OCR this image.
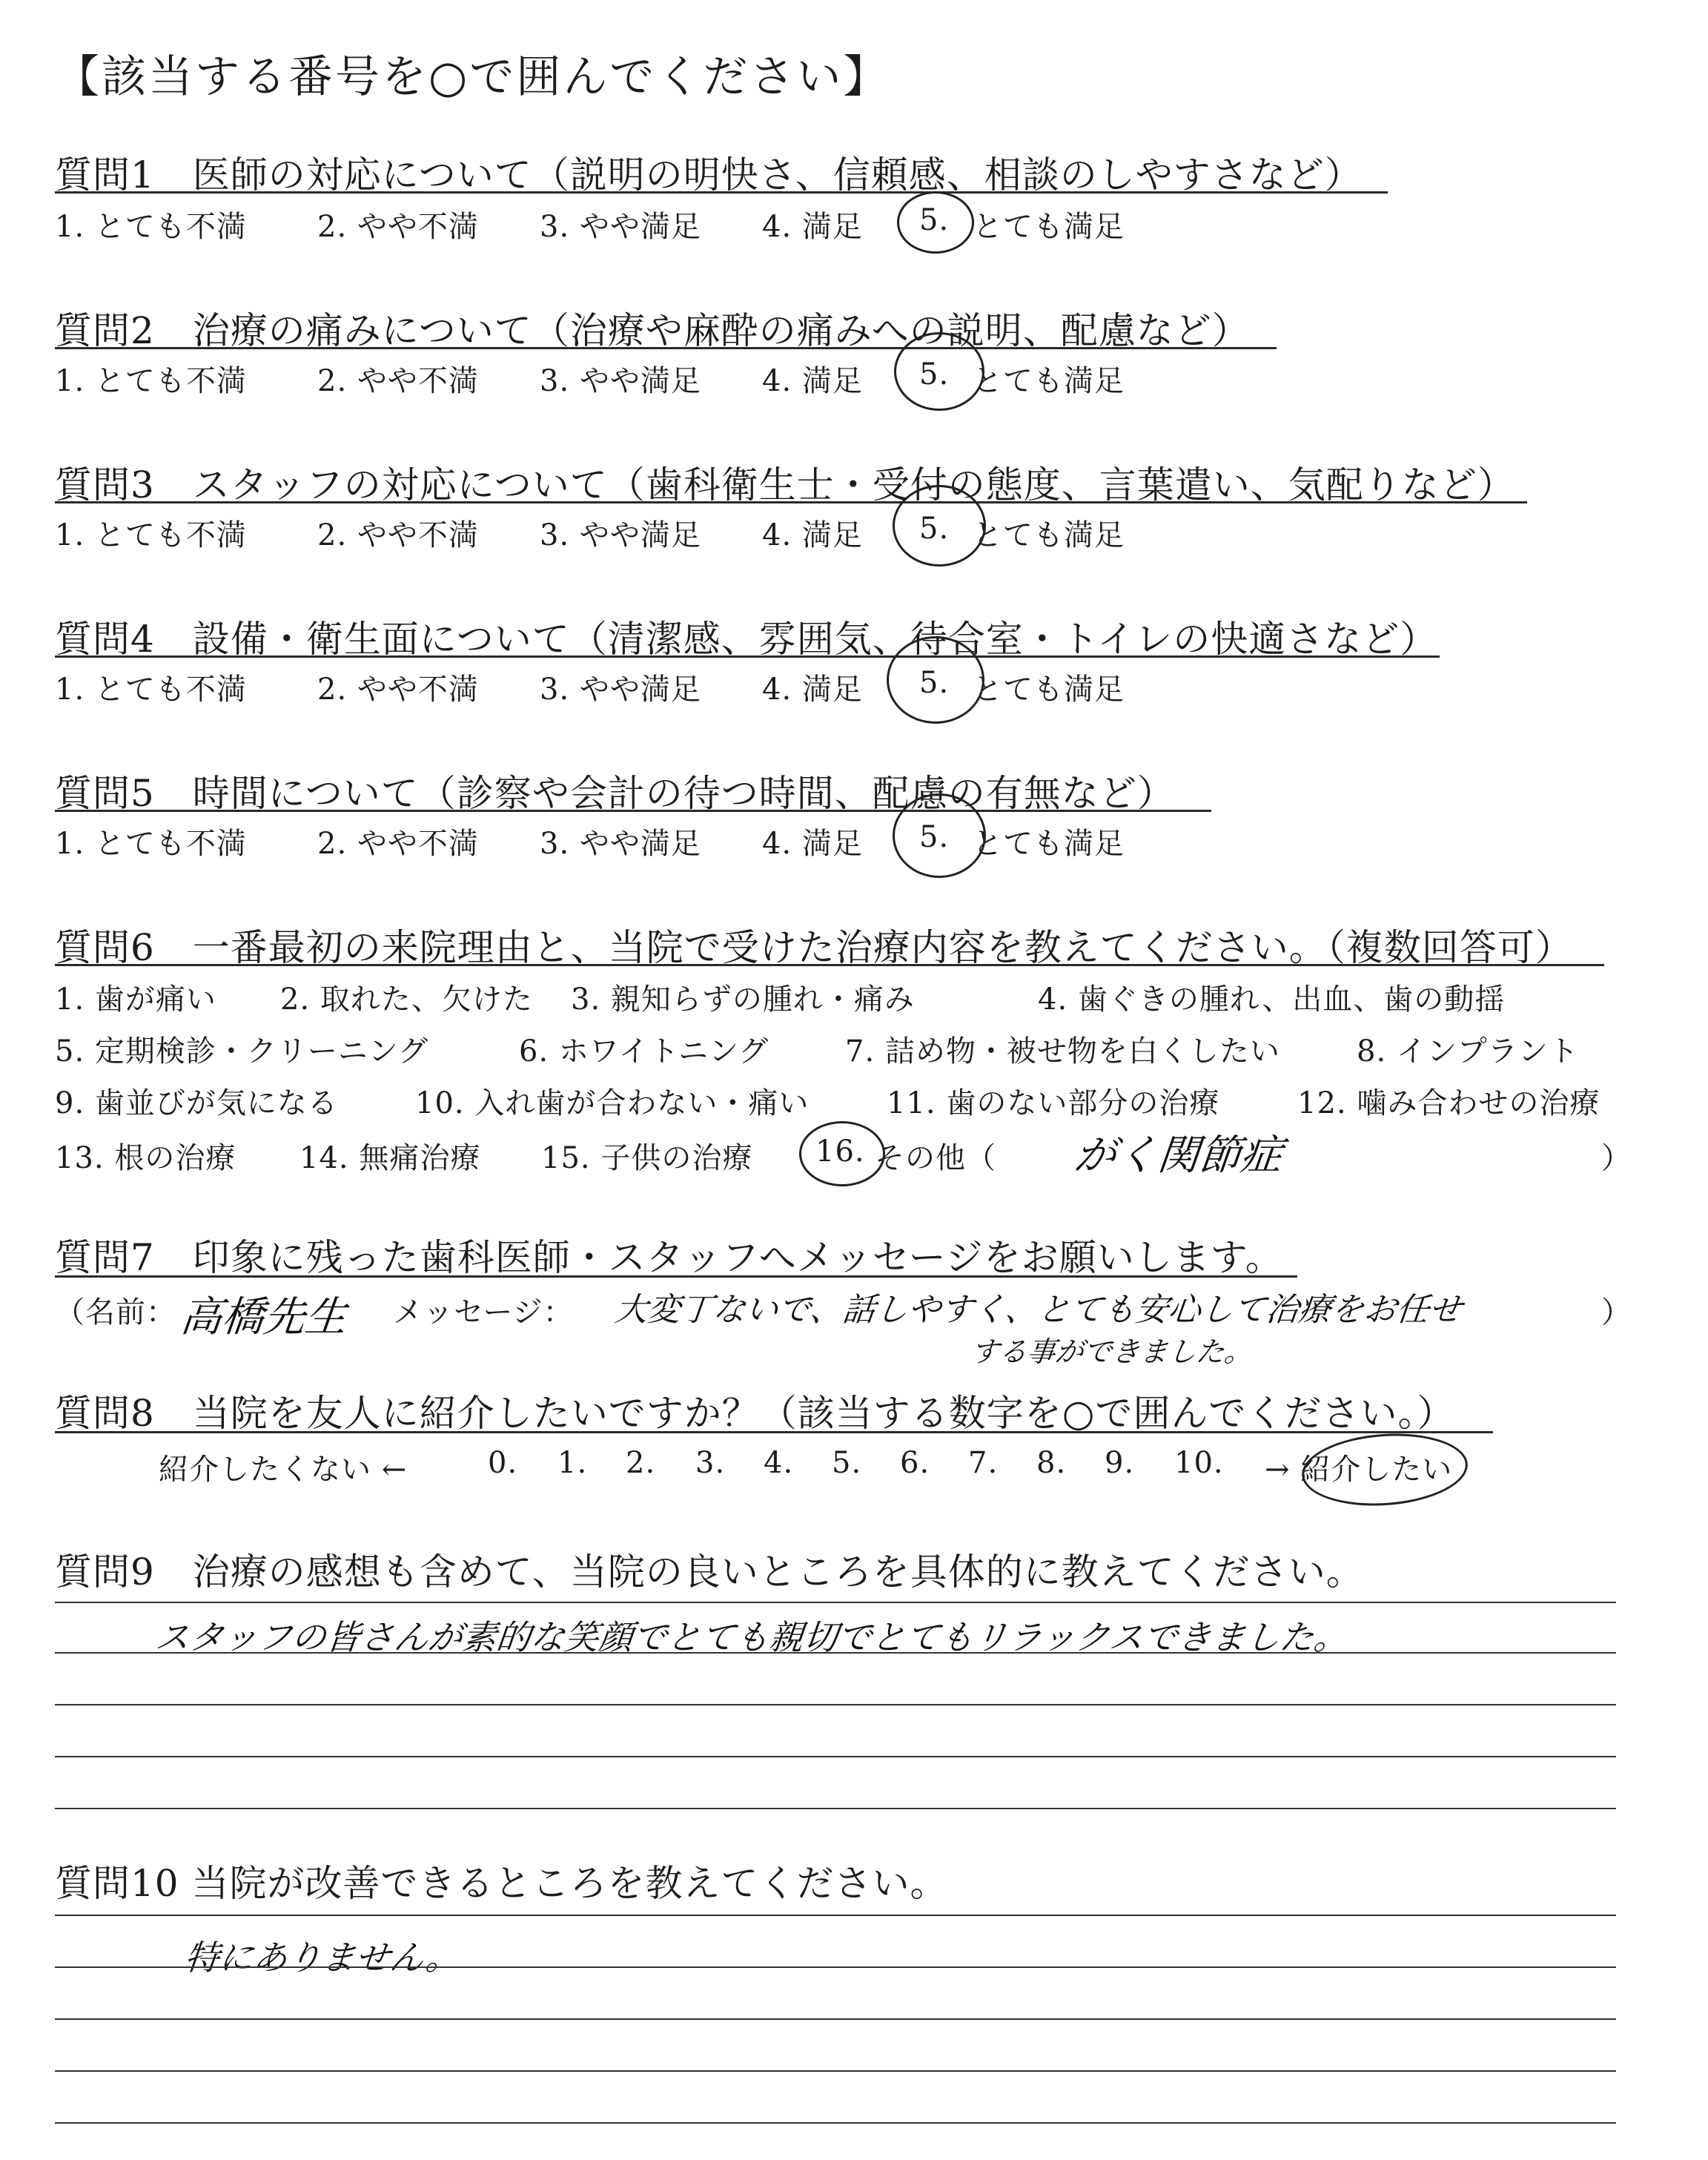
【該当する番号を○で囲んでください】
質問1　医師の対応について（説明の明快さ、信頼感、相談のしやすさなど）
1. とても不満 2. やや不満 3. やや満足 4. 満足 5. とても満足
質問2　治療の痛みについて（治療や麻酔の痛みへの説明、配慮など）
1. とても不満 2. やや不満 3. やや満足 4. 満足 5. とても満足
質問3　スタッフの対応について（歯科衛生士・受付の態度、言葉遣い、気配りなど）
1. とても不満 2. やや不満 3. やや満足 4. 満足 5. とても満足
質問4　設備・衛生面について（清潔感、雰囲気、待合室・トイレの快適さなど）
1. とても不満 2. やや不満 3. やや満足 4. 満足 5. とても満足
質問5　時間について（診察や会計の待つ時間、配慮の有無など）
1. とても不満 2. やや不満 3. やや満足 4. 満足 5. とても満足
質問6　一番最初の来院理由と、当院で受けた治療内容を教えてください。（複数回答可）
1. 歯が痛い 2. 取れた、欠けた 3. 親知らずの腫れ・痛み	4. 歯ぐきの腫れ、出血、歯の動揺
5. 定期検診・クリーニング	6. ホワイトニング	7. 詰め物・被せ物を白くしたい	8. インプラント
9. 歯並びが気になる	10. 入れ歯が合わない・痛い	11. 歯のない部分の治療	12. 噛み合わせの治療
13. 根の治療 14. 無痛治療 15. 子供の治療 16. その他（ がく関節症	）
質問7　印象に残った歯科医師・スタッフへメッセージをお願いします。
（名前： 高橋先生 メッセージ： 大変丁ないで、話しやすく、とても安心して治療をお任せ
する事ができました。
）
質問8　当院を友人に紹介したいですか？（該当する数字を○で囲んでください。）
紹介したくない ←	0. 1. 2. 3. 4. 5. 6. 7. 8. 9. 10. → 紹介したい
質問9　治療の感想も含めて、当院の良いところを具体的に教えてください。
スタッフの皆さんが素的な笑顔でとても親切でとてもリラックスできました。
質問10 当院が改善できるところを教えてください。
特にありません。
